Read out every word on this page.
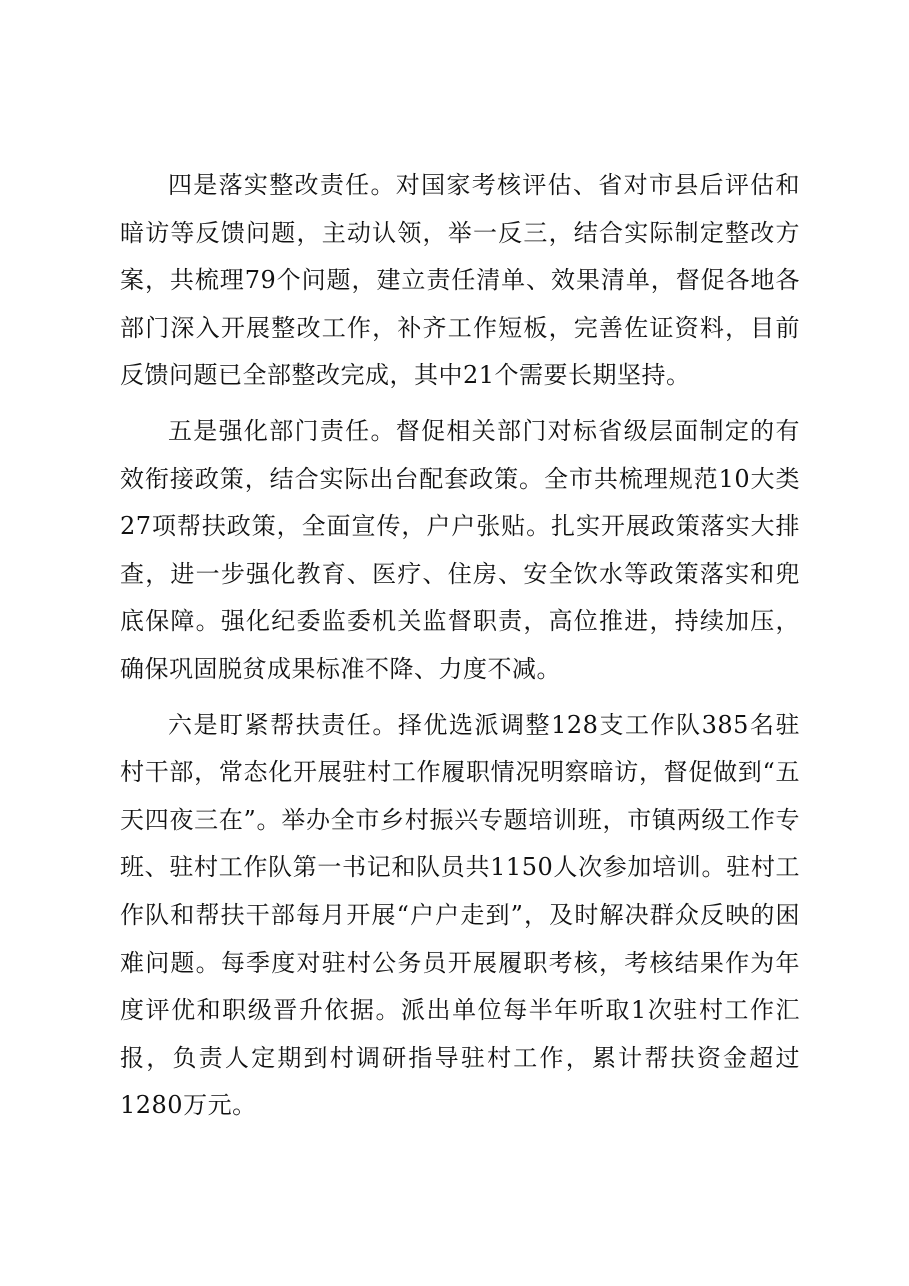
四是落实整改责任。对国家考核评估、省对市县后评估和暗访等反馈问题，主动认领，举一反三，结合实际制定整改方案，共梳理79个问题，建立责任清单、效果清单，督促各地各部门深入开展整改工作，补齐工作短板，完善佐证资料，目前反馈问题已全部整改完成，其中21个需要长期坚持。

五是强化部门责任。督促相关部门对标省级层面制定的有效衔接政策，结合实际出台配套政策。全市共梳理规范10大类27项帮扶政策，全面宣传，户户张贴。扎实开展政策落实大排查，进一步强化教育、医疗、住房、安全饮水等政策落实和兜底保障。强化纪委监委机关监督职责，高位推进，持续加压，确保巩固脱贫成果标准不降、力度不减。

六是盯紧帮扶责任。择优选派调整128支工作队385名驻村干部，常态化开展驻村工作履职情况明察暗访，督促做到“五天四夜三在”。举办全市乡村振兴专题培训班，市镇两级工作专班、驻村工作队第一书记和队员共1150人次参加培训。驻村工作队和帮扶干部每月开展“户户走到”，及时解决群众反映的困难问题。每季度对驻村公务员开展履职考核，考核结果作为年度评优和职级晋升依据。派出单位每半年听取1次驻村工作汇报，负责人定期到村调研指导驻村工作，累计帮扶资金超过1280万元。
